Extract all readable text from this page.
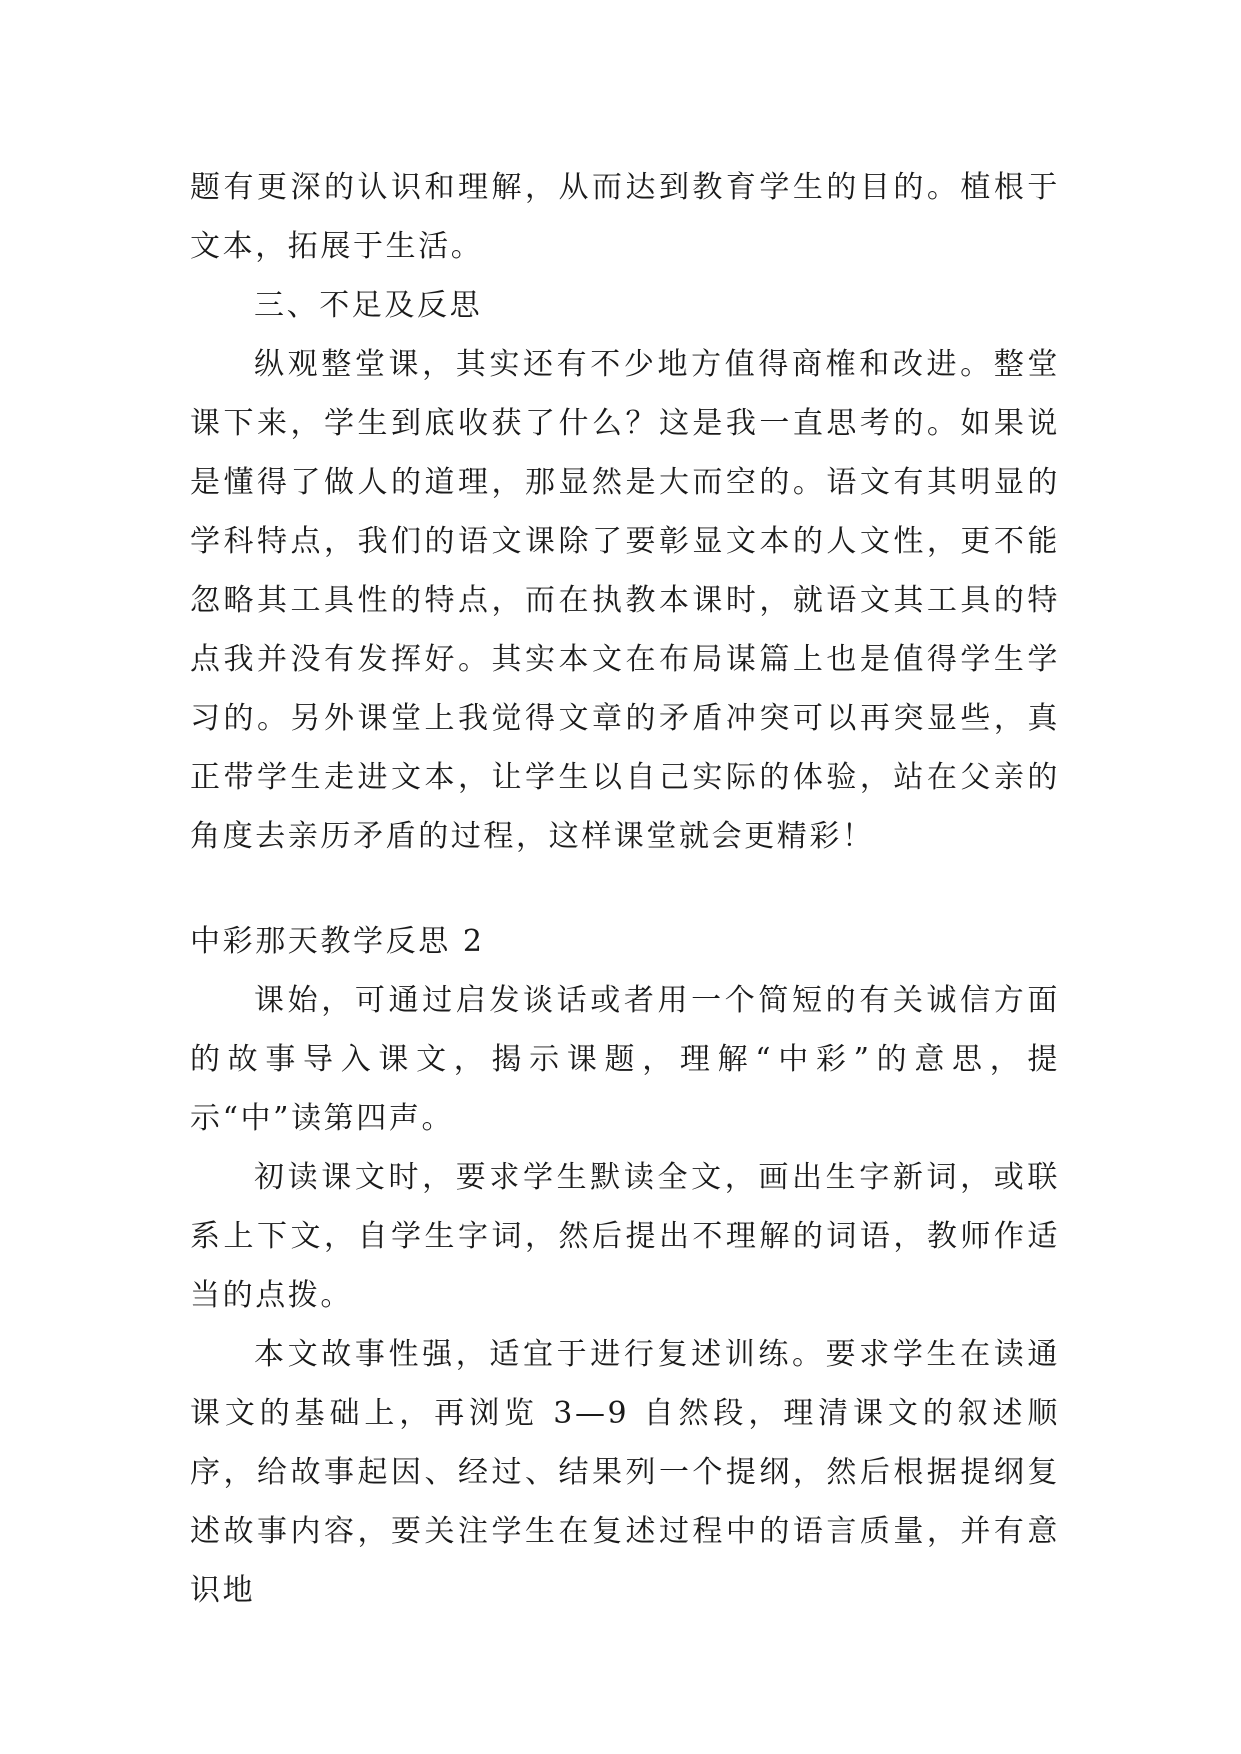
题有更深的认识和理解，从而达到教育学生的目的。植根于文本，拓展于生活。

三、不足及反思

纵观整堂课，其实还有不少地方值得商榷和改进。整堂课下来，学生到底收获了什么？这是我一直思考的。如果说是懂得了做人的道理，那显然是大而空的。语文有其明显的学科特点，我们的语文课除了要彰显文本的人文性，更不能忽略其工具性的特点，而在执教本课时，就语文其工具的特点我并没有发挥好。其实本文在布局谋篇上也是值得学生学习的。另外课堂上我觉得文章的矛盾冲突可以再突显些，真正带学生走进文本，让学生以自己实际的体验，站在父亲的角度去亲历矛盾的过程，这样课堂就会更精彩！

中彩那天教学反思 2

课始，可通过启发谈话或者用一个简短的有关诚信方面的故事导入课文，揭示课题，理解“中彩”的意思，提示“中”读第四声。

初读课文时，要求学生默读全文，画出生字新词，或联系上下文，自学生字词，然后提出不理解的词语，教师作适当的点拨。

本文故事性强，适宜于进行复述训练。要求学生在读通课文的基础上，再浏览 3—9 自然段，理清课文的叙述顺序，给故事起因、经过、结果列一个提纲，然后根据提纲复述故事内容，要关注学生在复述过程中的语言质量，并有意识地
